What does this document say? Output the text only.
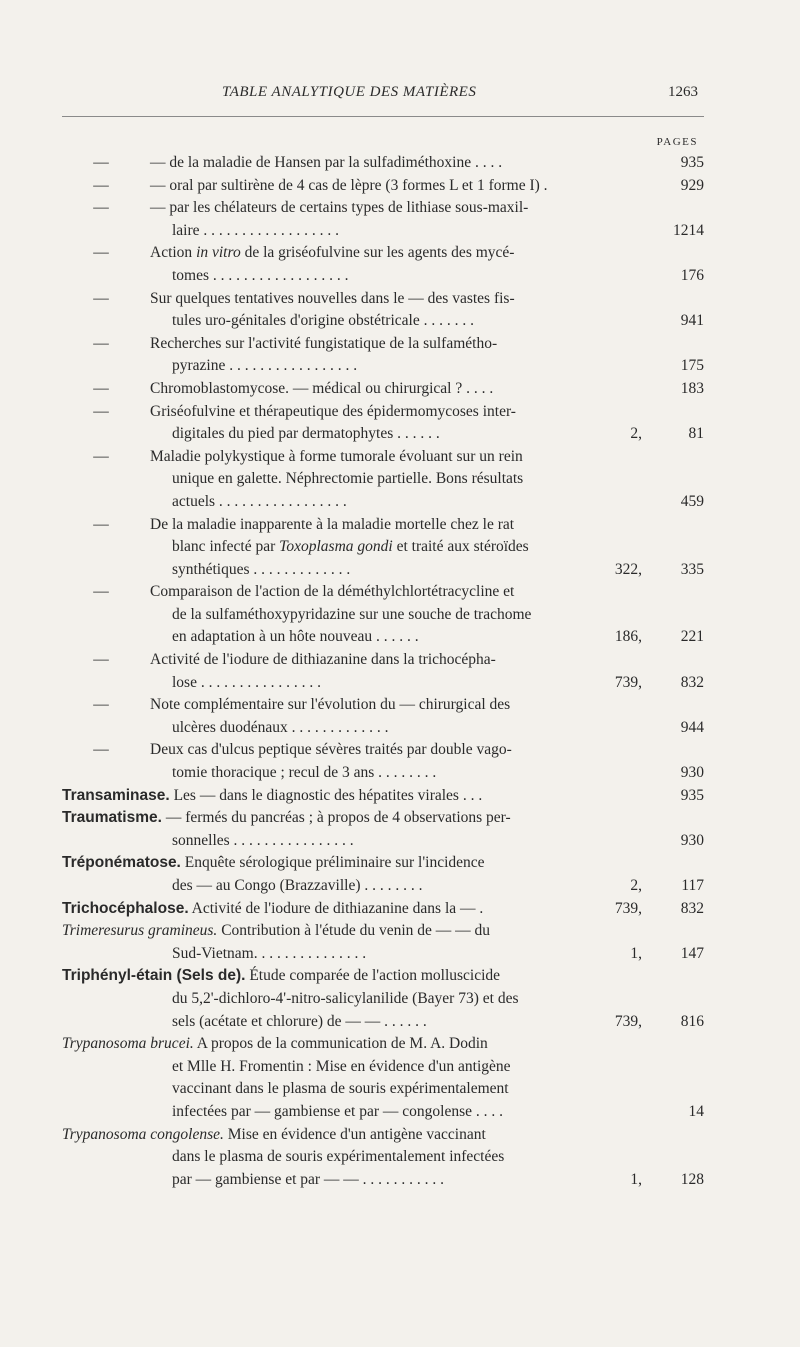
TABLE ANALYTIQUE DES MATIÈRES	1263
PAGES
—	— de la maladie de Hansen par la sulfadiméthoxine . . . .	935
—	— oral par sultirène de 4 cas de lèpre (3 formes L et 1 forme I) .	929
—	— par les chélateurs de certains types de lithiase sous-maxil-
laire . . . . . . . . . . . . . . . . . .	1214
—	Action in vitro de la griséofulvine sur les agents des mycé-
tomes . . . . . . . . . . . . . . . . . .	176
—	Sur quelques tentatives nouvelles dans le — des vastes fis-
tules uro-génitales d'origine obstétricale . . . . . . .	941
—	Recherches sur l'activité fungistatique de la sulfamétho-
pyrazine . . . . . . . . . . . . . . . . .	175
—	Chromoblastomycose. — médical ou chirurgical ? . . . .	183
—	Griséofulvine et thérapeutique des épidermomycoses inter-
digitales du pied par dermatophytes . . . . . .	2,	81
—	Maladie polykystique à forme tumorale évoluant sur un rein
unique en galette. Néphrectomie partielle. Bons résultats
actuels . . . . . . . . . . . . . . . . .	459
—	De la maladie inapparente à la maladie mortelle chez le rat
blanc infecté par Toxoplasma gondi et traité aux stéroïdes
synthétiques . . . . . . . . . . . . .	322,	335
—	Comparaison de l'action de la déméthylchlortétracycline et
de la sulfaméthoxypyridazine sur une souche de trachome
en adaptation à un hôte nouveau . . . . . .	186,	221
—	Activité de l'iodure de dithiazanine dans la trichocépha-
lose . . . . . . . . . . . . . . . .	739,	832
—	Note complémentaire sur l'évolution du — chirurgical des
ulcères duodénaux . . . . . . . . . . . . .	944
—	Deux cas d'ulcus peptique sévères traités par double vago-
tomie thoracique ; recul de 3 ans . . . . . . . .	930
Transaminase. Les — dans le diagnostic des hépatites virales . . .	935
Traumatisme. — fermés du pancréas ; à propos de 4 observations per-
sonnelles . . . . . . . . . . . . . . . .	930
Tréponématose. Enquête sérologique préliminaire sur l'incidence
des — au Congo (Brazzaville) . . . . . . . .	2,	117
Trichocéphalose. Activité de l'iodure de dithiazanine dans la — .	739,	832
Trimeresurus gramineus. Contribution à l'étude du venin de — — du
Sud-Vietnam. . . . . . . . . . . . . . .	1,	147
Triphényl-étain (Sels de). Étude comparée de l'action molluscicide
du 5,2'-dichloro-4'-nitro-salicylanilide (Bayer 73) et des
sels (acétate et chlorure) de — — . . . . . .	739,	816
Trypanosoma brucei. A propos de la communication de M. A. Dodin
et Mlle H. Fromentin : Mise en évidence d'un antigène
vaccinant dans le plasma de souris expérimentalement
infectées par — gambiense et par — congolense . . . .	14
Trypanosoma congolense. Mise en évidence d'un antigène vaccinant
dans le plasma de souris expérimentalement infectées
par — gambiense et par — — . . . . . . . . . . .	1,	128
